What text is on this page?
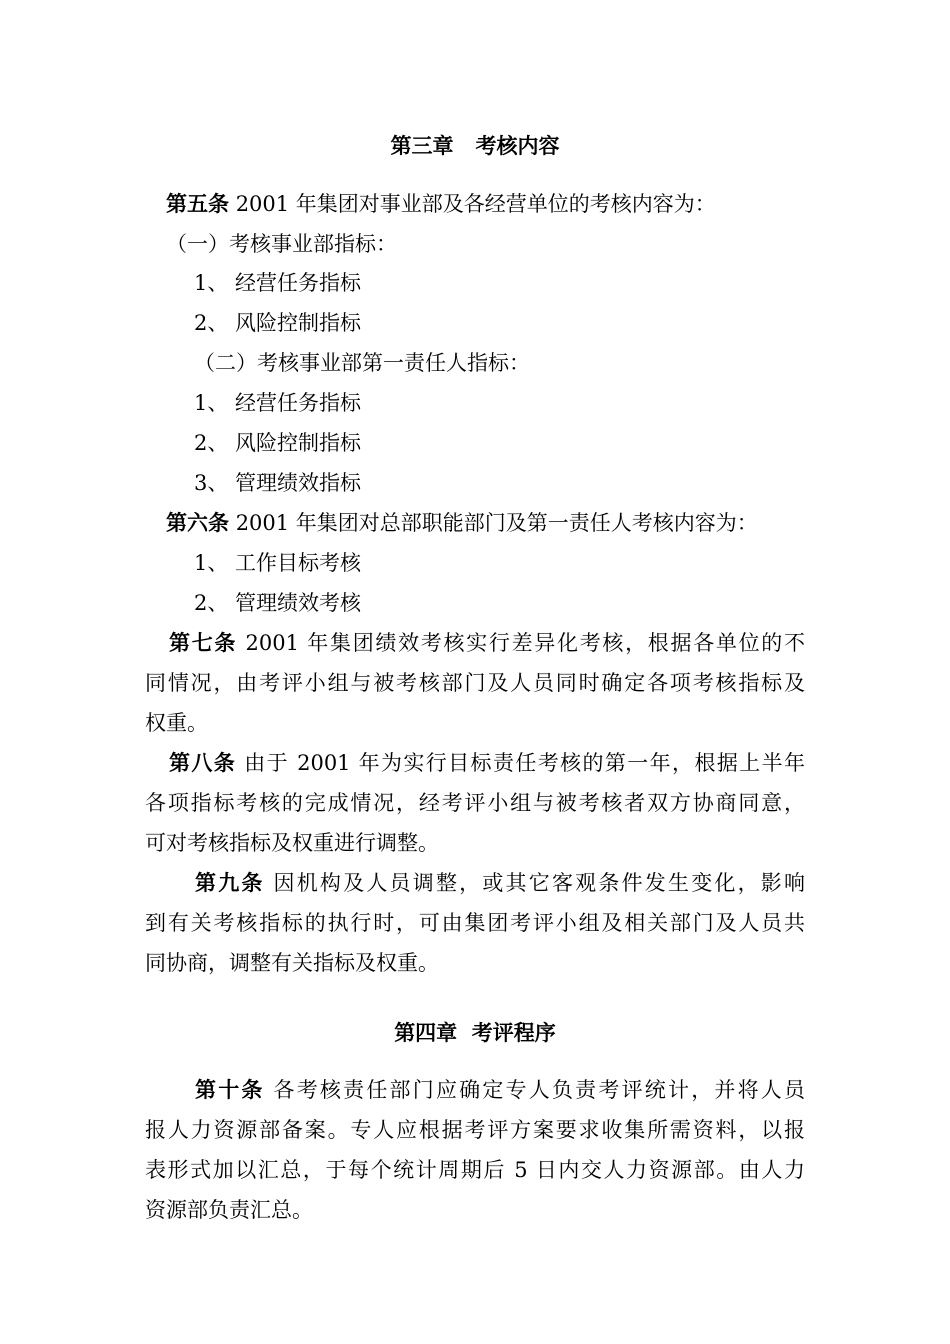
第三章   考核内容
第五条 2001 年集团对事业部及各经营单位的考核内容为：
（一）考核事业部指标：
1、 经营任务指标
2、 风险控制指标
（二）考核事业部第一责任人指标：
1、 经营任务指标
2、 风险控制指标
3、 管理绩效指标
第六条 2001 年集团对总部职能部门及第一责任人考核内容为：
1、 工作目标考核
2、 管理绩效考核
第七条 2001 年集团绩效考核实行差异化考核，根据各单位的不
同情况，由考评小组与被考核部门及人员同时确定各项考核指标及
权重。
第八条 由于 2001 年为实行目标责任考核的第一年，根据上半年
各项指标考核的完成情况，经考评小组与被考核者双方协商同意，
可对考核指标及权重进行调整。
第九条 因机构及人员调整，或其它客观条件发生变化，影响
到有关考核指标的执行时，可由集团考评小组及相关部门及人员共
同协商，调整有关指标及权重。
第四章  考评程序
第十条 各考核责任部门应确定专人负责考评统计，并将人员
报人力资源部备案。专人应根据考评方案要求收集所需资料，以报
表形式加以汇总，于每个统计周期后 5 日内交人力资源部。由人力
资源部负责汇总。
